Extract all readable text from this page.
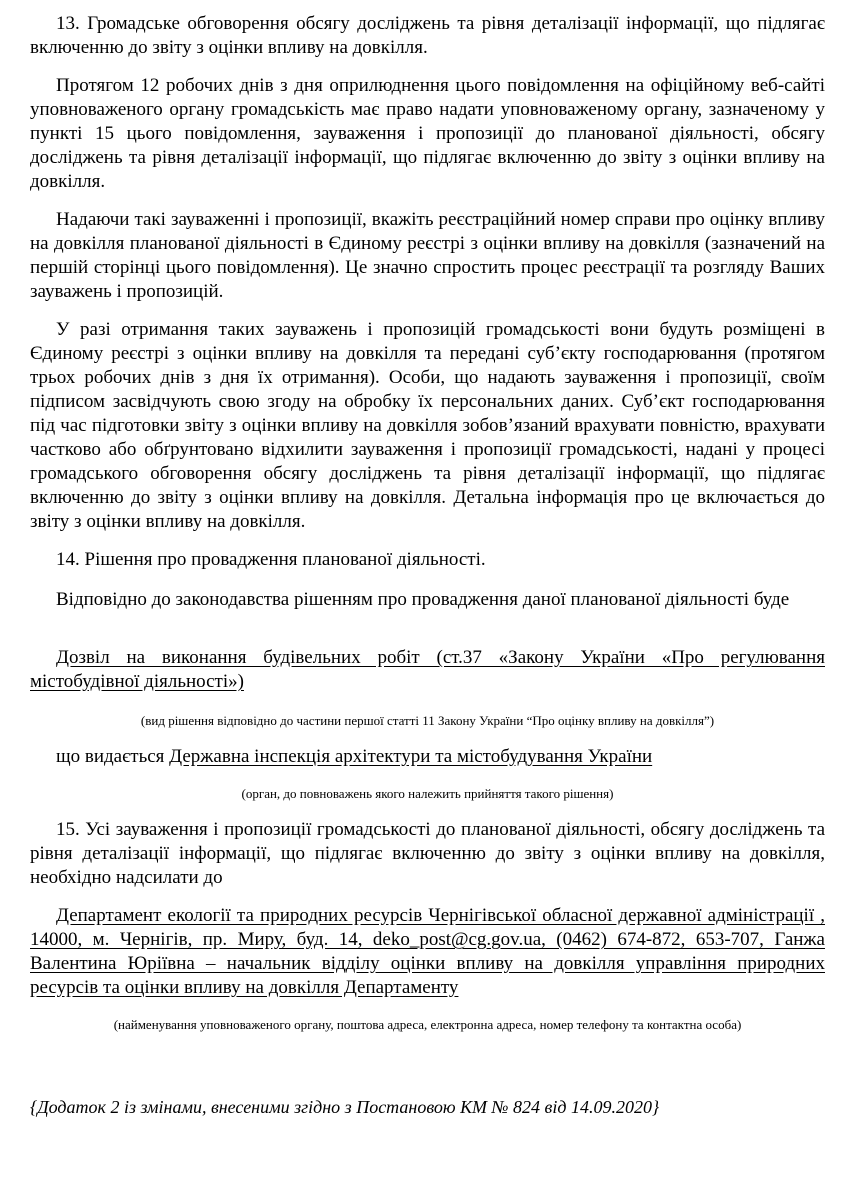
13. Громадське обговорення обсягу досліджень та рівня деталізації інформації, що підлягає включенню до звіту з оцінки впливу на довкілля.

Протягом 12 робочих днів з дня оприлюднення цього повідомлення на офіційному веб-сайті уповноваженого органу громадськість має право надати уповноваженому органу, зазначеному у пункті 15 цього повідомлення, зауваження і пропозиції до планованої діяльності, обсягу досліджень та рівня деталізації інформації, що підлягає включенню до звіту з оцінки впливу на довкілля.

Надаючи такі зауваженні і пропозиції, вкажіть реєстраційний номер справи про оцінку впливу на довкілля планованої діяльності в Єдиному реєстрі з оцінки впливу на довкілля (зазначений на першій сторінці цього повідомлення). Це значно спростить процес реєстрації та розгляду Ваших зауважень і пропозицій.

У разі отримання таких зауважень і пропозицій громадськості вони будуть розміщені в Єдиному реєстрі з оцінки впливу на довкілля та передані суб’єкту господарювання (протягом трьох робочих днів з дня їх отримання). Особи, що надають зауваження і пропозиції, своїм підписом засвідчують свою згоду на обробку їх персональних даних. Суб’єкт господарювання під час підготовки звіту з оцінки впливу на довкілля зобов’язаний врахувати повністю, врахувати частково або обґрунтовано відхилити зауваження і пропозиції громадськості, надані у процесі громадського обговорення обсягу досліджень та рівня деталізації інформації, що підлягає включенню до звіту з оцінки впливу на довкілля. Детальна інформація про це включається до звіту з оцінки впливу на довкілля.

14. Рішення про провадження планованої діяльності.

Відповідно до законодавства рішенням про провадження даної планованої діяльності буде

Дозвіл на виконання будівельних робіт (ст.37 «Закону України «Про регулювання містобудівної діяльності»)

(вид рішення відповідно до частини першої статті 11 Закону України “Про оцінку впливу на довкілля”)

що видається Державна інспекція архітектури та містобудування України

(орган, до повноважень якого належить прийняття такого рішення)

15. Усі зауваження і пропозиції громадськості до планованої діяльності, обсягу досліджень та рівня деталізації інформації, що підлягає включенню до звіту з оцінки впливу на довкілля, необхідно надсилати до

Департамент екології та природних ресурсів Чернігівської обласної державної адміністрації , 14000, м. Чернігів, пр. Миру, буд. 14, deko_post@cg.gov.ua, (0462) 674-872, 653-707, Ганжа Валентина Юріївна – начальник відділу оцінки впливу на довкілля управління природних ресурсів та оцінки впливу на довкілля Департаменту

(найменування уповноваженого органу, поштова адреса, електронна адреса, номер телефону та контактна особа)

{Додаток 2 із змінами, внесеними згідно з Постановою КМ № 824 від 14.09.2020}
